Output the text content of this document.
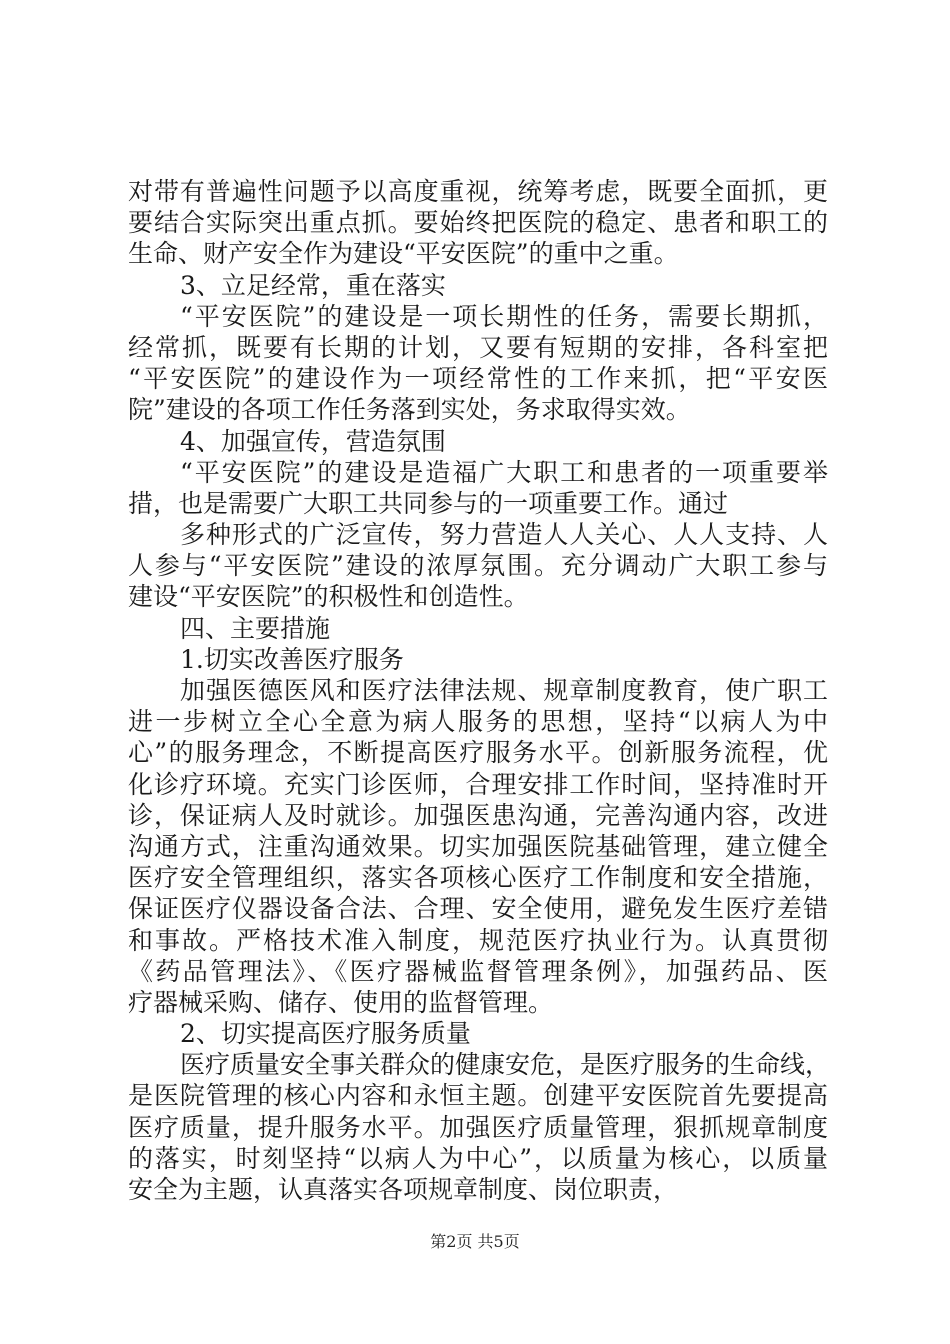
对带有普遍性问题予以高度重视，统筹考虑，既要全面抓，更
要结合实际突出重点抓。要始终把医院的稳定、患者和职工的
生命、财产安全作为建设“平安医院”的重中之重。
3、立足经常，重在落实
“平安医院”的建设是一项长期性的任务，需要长期抓，
经常抓，既要有长期的计划，又要有短期的安排，各科室把
“平安医院”的建设作为一项经常性的工作来抓，把“平安医
院”建设的各项工作任务落到实处，务求取得实效。
4、加强宣传，营造氛围
“平安医院”的建设是造福广大职工和患者的一项重要举
措，也是需要广大职工共同参与的一项重要工作。通过
多种形式的广泛宣传，努力营造人人关心、人人支持、人
人参与“平安医院”建设的浓厚氛围。充分调动广大职工参与
建设“平安医院”的积极性和创造性。
四、主要措施
1.切实改善医疗服务
加强医德医风和医疗法律法规、规章制度教育，使广职工
进一步树立全心全意为病人服务的思想，坚持“以病人为中
心”的服务理念，不断提高医疗服务水平。创新服务流程，优
化诊疗环境。充实门诊医师，合理安排工作时间，坚持准时开
诊，保证病人及时就诊。加强医患沟通，完善沟通内容，改进
沟通方式，注重沟通效果。切实加强医院基础管理，建立健全
医疗安全管理组织，落实各项核心医疗工作制度和安全措施，
保证医疗仪器设备合法、合理、安全使用，避免发生医疗差错
和事故。严格技术准入制度，规范医疗执业行为。认真贯彻
《药品管理法》、《医疗器械监督管理条例》，加强药品、医
疗器械采购、储存、使用的监督管理。
2、切实提高医疗服务质量
医疗质量安全事关群众的健康安危，是医疗服务的生命线，
是医院管理的核心内容和永恒主题。创建平安医院首先要提高
医疗质量，提升服务水平。加强医疗质量管理，狠抓规章制度
的落实，时刻坚持“以病人为中心”，以质量为核心，以质量
安全为主题，认真落实各项规章制度、岗位职责，
第2页 共5页
